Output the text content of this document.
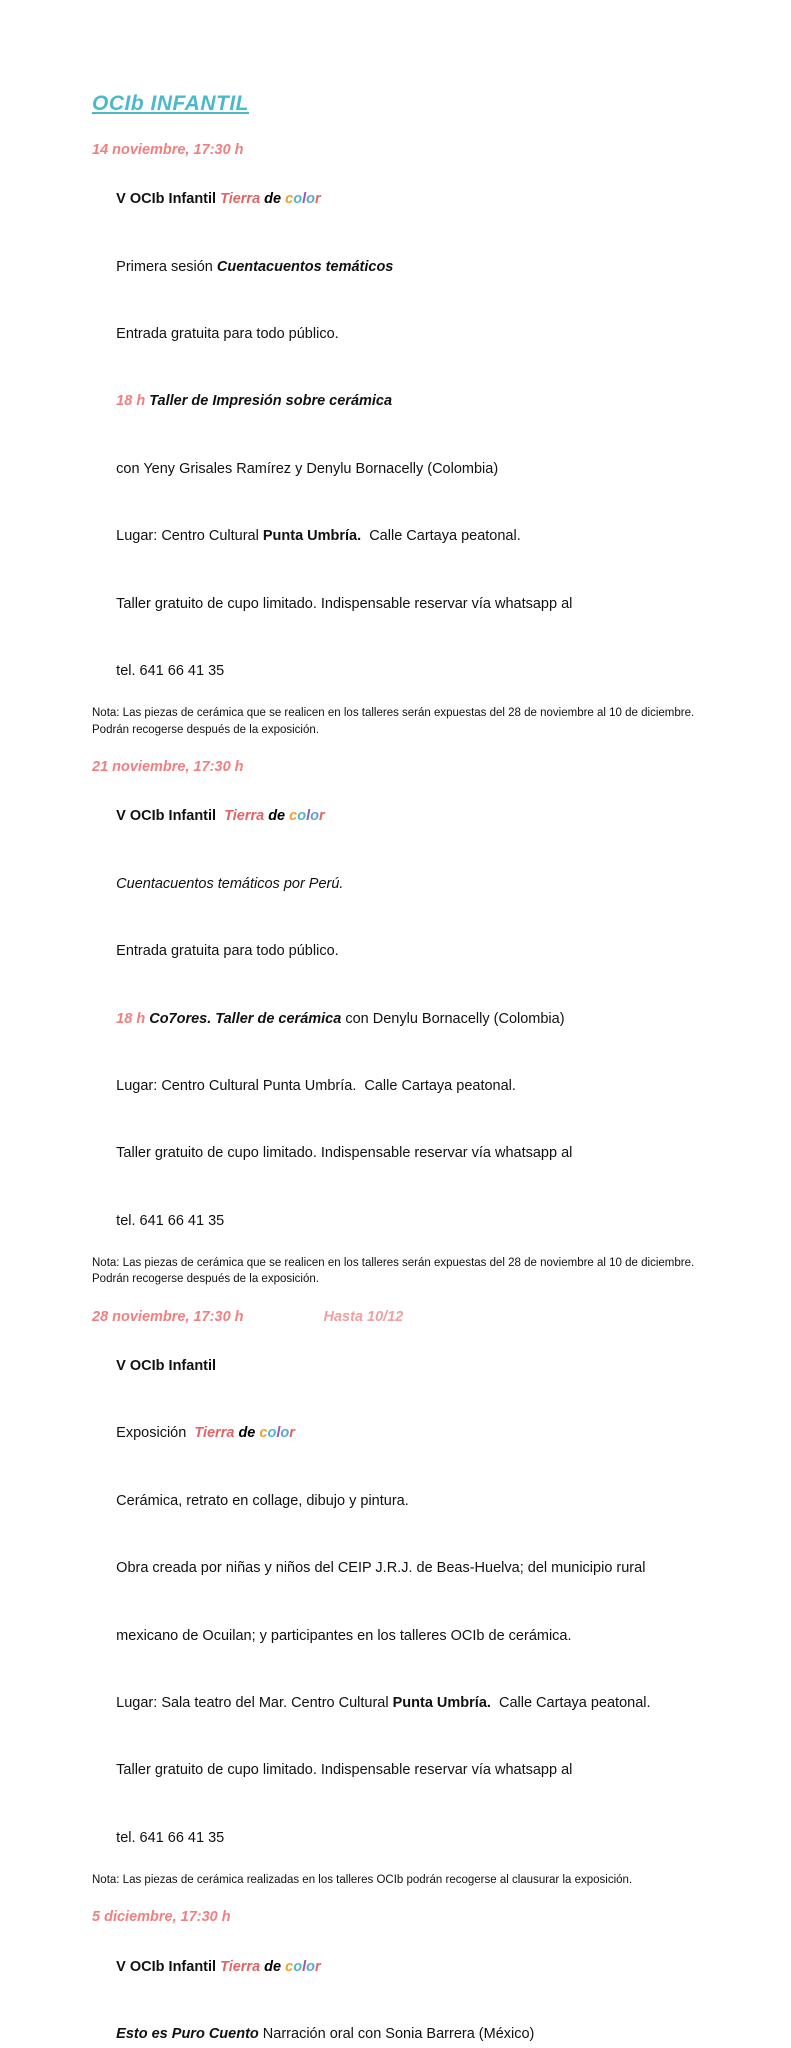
OCIb INFANTIL
14 noviembre, 17:30 h

V OCIb Infantil Tierra de color

Primera sesión Cuentacuentos temáticos

Entrada gratuita para todo público.

18 h Taller de Impresión sobre cerámica

con Yeny Grisales Ramírez y Denylu Bornacelly (Colombia)

Lugar: Centro Cultural Punta Umbría.  Calle Cartaya peatonal.

Taller gratuito de cupo limitado. Indispensable reservar vía whatsapp al

tel. 641 66 41 35

Nota: Las piezas de cerámica que se realicen en los talleres serán expuestas del 28 de noviembre al 10 de diciembre. Podrán recogerse después de la exposición.
21 noviembre, 17:30 h

V OCIb Infantil  Tierra de color

Cuentacuentos temáticos por Perú.

Entrada gratuita para todo público.

18 h Co7ores. Taller de cerámica con Denylu Bornacelly (Colombia)

Lugar: Centro Cultural Punta Umbría.  Calle Cartaya peatonal.

Taller gratuito de cupo limitado. Indispensable reservar vía whatsapp al

tel. 641 66 41 35

Nota: Las piezas de cerámica que se realicen en los talleres serán expuestas del 28 de noviembre al 10 de diciembre. Podrán recogerse después de la exposición.
28 noviembre, 17:30 h	Hasta 10/12

V OCIb Infantil

Exposición  Tierra de color

Cerámica, retrato en collage, dibujo y pintura.

Obra creada por niñas y niños del CEIP J.R.J. de Beas-Huelva; del municipio rural

mexicano de Ocuilan; y participantes en los talleres OCIb de cerámica.

Lugar: Sala teatro del Mar. Centro Cultural Punta Umbría.  Calle Cartaya peatonal.

Taller gratuito de cupo limitado. Indispensable reservar vía whatsapp al

tel. 641 66 41 35

Nota: Las piezas de cerámica realizadas en los talleres OCIb podrán recogerse al clausurar la exposición.
5 diciembre, 17:30 h

V OCIb Infantil Tierra de color

Esto es Puro Cuento Narración oral con Sonia Barrera (México)
